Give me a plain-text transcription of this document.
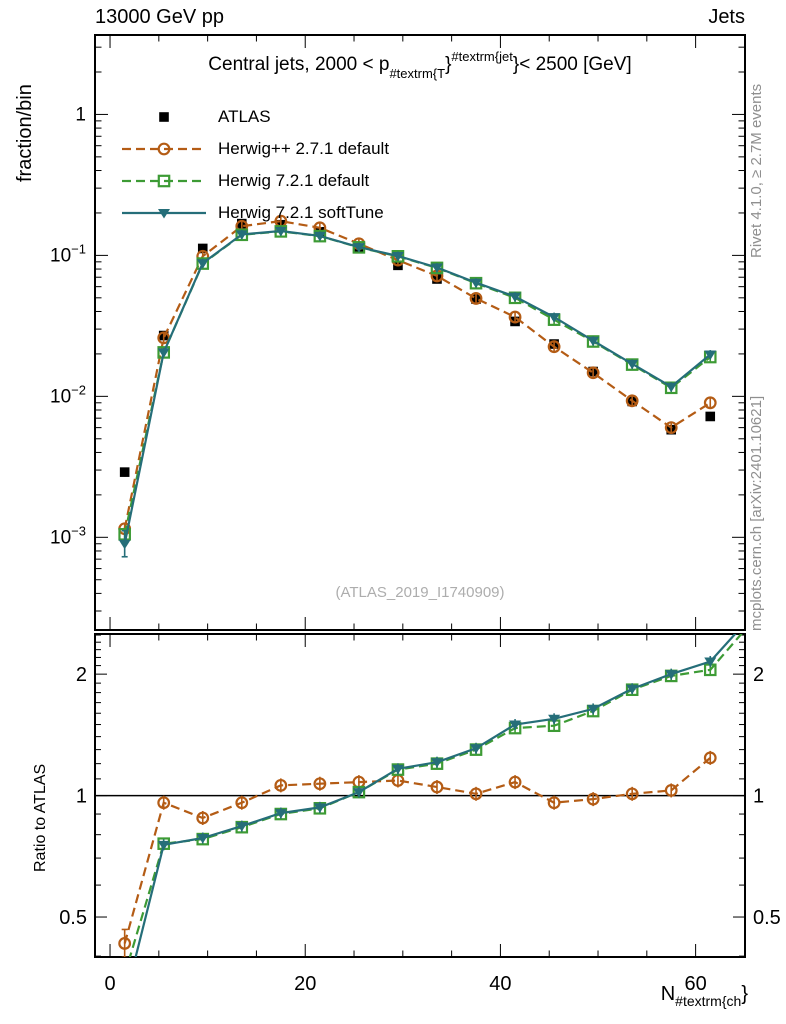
0	20	40	60
1
$10^{-1}$
$10^{-2}$
$10^{-3}$
2	2
1	1
0.5	0.5
13000 GeV pp	Jets
Central jets, 2000 < p#textrm{T}#textrm{jet}< 2500 [GeV]
ATLAS
Herwig++ 2.7.1 default
Herwig 7.2.1 default
Herwig 7.2.1 softTune
fraction/bin
Ratio to ATLAS
Rivet 4.1.0, ≥ 2.7M events
mcplots.cern.ch [arXiv:2401.10621]
(ATLAS_2019_I1740909)
N#textrm{ch}
